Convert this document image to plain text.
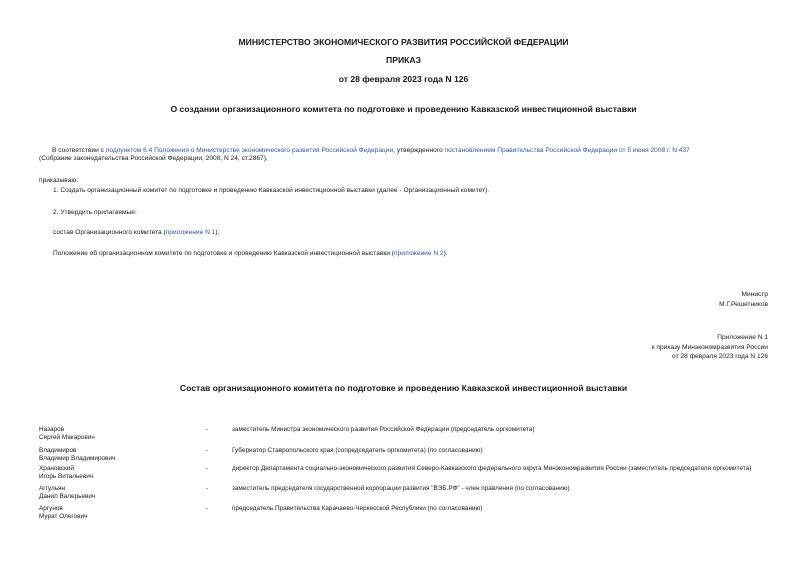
МИНИСТЕРСТВО ЭКОНОМИЧЕСКОГО РАЗВИТИЯ РОССИЙСКОЙ ФЕДЕРАЦИИ
ПРИКАЗ
от 28 февраля 2023 года N 126
О создании организационного комитета по подготовке и проведению Кавказской инвестиционной выставки
В соответствии с подпунктом 6.4 Положения о Министерстве экономического развития Российской Федерации, утвержденного постановлением Правительства Российской Федерации от 5 июня 2008 г. N 437
(Собрание законодательства Российской Федерации, 2008, N 24, ст.2867),
приказываю:
1. Создать организационный комитет по подготовке и проведению Кавказской инвестиционной выставки (далее - Организационный комитет).
2. Утвердить прилагаемые:
состав Организационного комитета (приложение N 1);
Положение об организационном комитете по подготовке и проведению Кавказской инвестиционной выставки (приложение N 2).
Министр
М.Г.Решетников
Приложение N 1
к приказу Минэкономразвития России
от 28 февраля 2023 года N 126
Состав организационного комитета по подготовке и проведению Кавказской инвестиционной выставки
Назаров
Сергей Макарович
-	заместитель Министра экономического развития Российской Федерации (председатель оргкомитета)
Владимиров
Владимир Владимирович
-	Губернатор Ставропольского края (сопредседатель оргкомитета) (по согласованию)
Храновский
Игорь Витальевич
-	директор Департамента социально-экономического развития Северо-Кавказского федерального округа Минэкономразвития России (заместитель председателя оргкомитета)
Аггульян
Данил Валерьевич
-	заместитель председателя государственной корпорации развития "ВЭБ.РФ" - член правления (по согласованию)
Аргунов
Мурат Олегович
-	председатель Правительства Карачаево-Черкесской Республики (по согласованию)
